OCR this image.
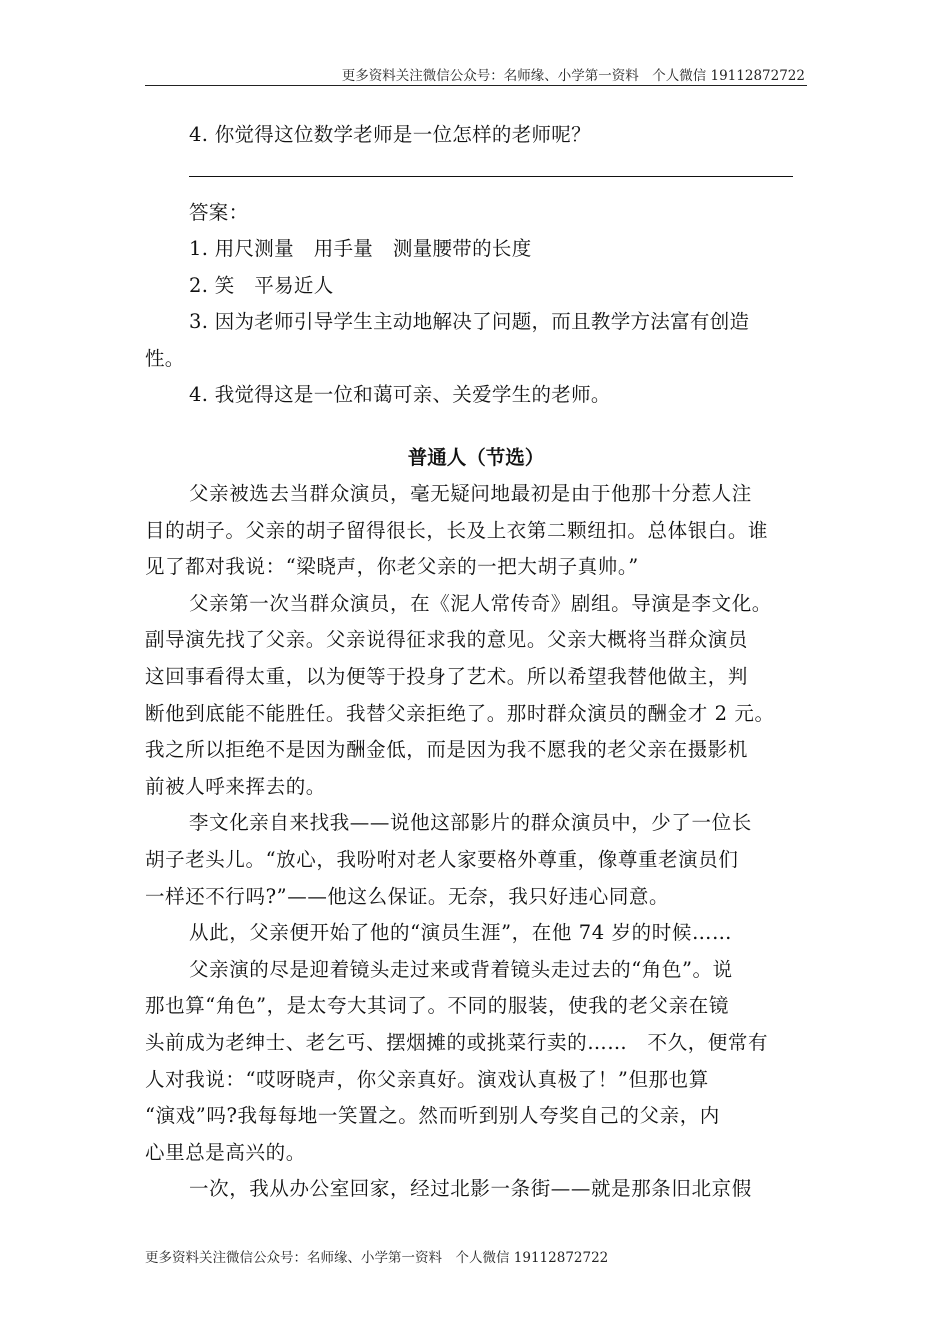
更多资料关注微信公众号：名师缘、小学第一资料　个人微信 19112872722
4. 你觉得这位数学老师是一位怎样的老师呢？
答案：
1. 用尺测量　用手量　测量腰带的长度
2. 笑　平易近人
3. 因为老师引导学生主动地解决了问题，而且教学方法富有创造
性。
4. 我觉得这是一位和蔼可亲、关爱学生的老师。
普通人（节选）
父亲被选去当群众演员，毫无疑问地最初是由于他那十分惹人注
目的胡子。父亲的胡子留得很长，长及上衣第二颗纽扣。总体银白。谁
见了都对我说：“梁晓声，你老父亲的一把大胡子真帅。”
父亲第一次当群众演员，在《泥人常传奇》剧组。导演是李文化。
副导演先找了父亲。父亲说得征求我的意见。父亲大概将当群众演员
这回事看得太重，以为便等于投身了艺术。所以希望我替他做主，判
断他到底能不能胜任。我替父亲拒绝了。那时群众演员的酬金才 2 元。
我之所以拒绝不是因为酬金低，而是因为我不愿我的老父亲在摄影机
前被人呼来挥去的。
李文化亲自来找我——说他这部影片的群众演员中，少了一位长
胡子老头儿。“放心，我吩咐对老人家要格外尊重，像尊重老演员们
一样还不行吗?”——他这么保证。无奈，我只好违心同意。
从此，父亲便开始了他的“演员生涯”，在他 74 岁的时候……
父亲演的尽是迎着镜头走过来或背着镜头走过去的“角色”。说
那也算“角色”，是太夸大其词了。不同的服装，使我的老父亲在镜
头前成为老绅士、老乞丐、摆烟摊的或挑菜行卖的……　不久，便常有
人对我说：“哎呀晓声，你父亲真好。演戏认真极了！”但那也算
“演戏”吗?我每每地一笑置之。然而听到别人夸奖自己的父亲，内
心里总是高兴的。
一次，我从办公室回家，经过北影一条街——就是那条旧北京假
更多资料关注微信公众号：名师缘、小学第一资料　个人微信 19112872722
